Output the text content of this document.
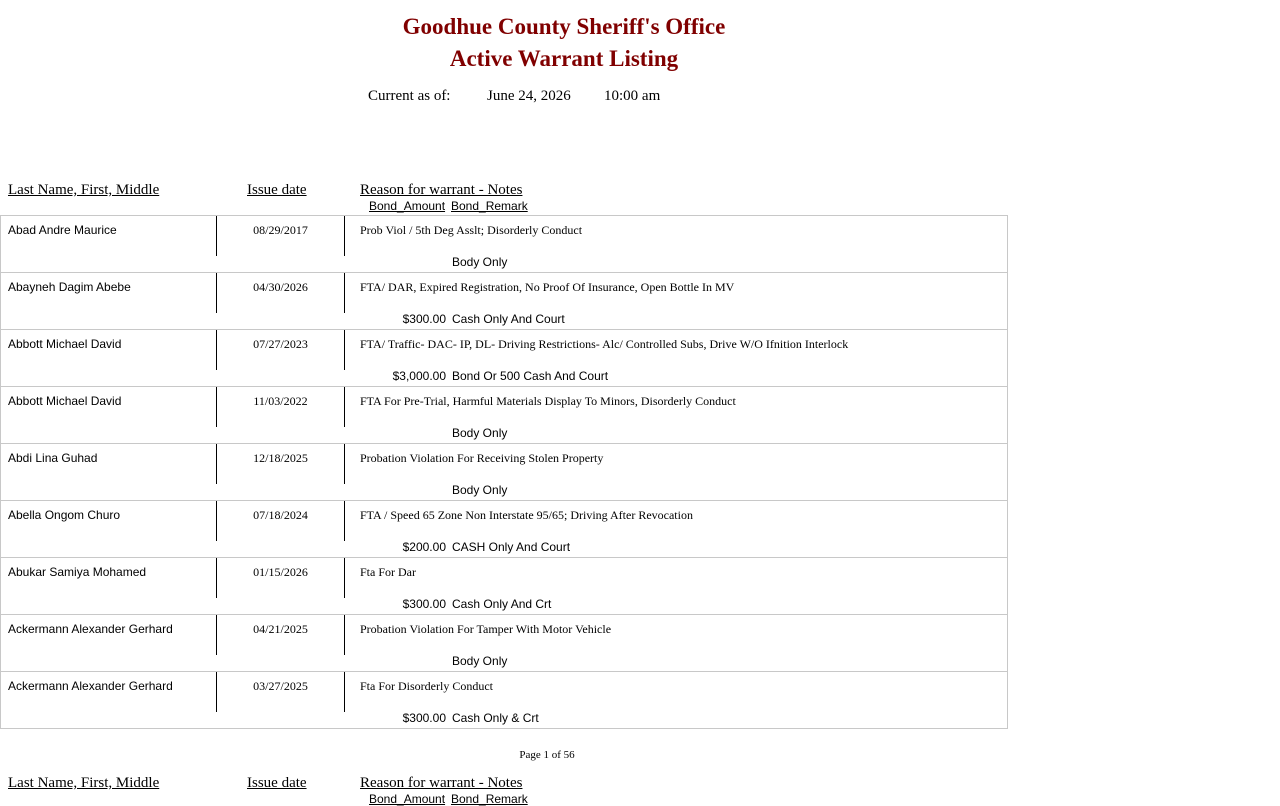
Goodhue County Sheriff's Office
Active Warrant Listing
Current as of: June 24, 2026 10:00 am
Last Name, First, Middle	Issue date	Reason for warrant - Notes
Bond_Amount Bond_Remark
Abad Andre Maurice	08/29/2017	Prob Viol / 5th Deg Asslt; Disorderly Conduct
Body Only
Abayneh Dagim Abebe	04/30/2026	FTA/ DAR, Expired Registration, No Proof Of Insurance, Open Bottle In MV
$300.00 Cash Only And Court
Abbott Michael David	07/27/2023	FTA/ Traffic- DAC- IP, DL- Driving Restrictions- Alc/ Controlled Subs, Drive W/O Ifnition Interlock
$3,000.00 Bond Or 500 Cash And Court
Abbott Michael David	11/03/2022	FTA For Pre-Trial, Harmful Materials Display To Minors, Disorderly Conduct
Body Only
Abdi Lina Guhad	12/18/2025	Probation Violation For Receiving Stolen Property
Body Only
Abella Ongom Churo	07/18/2024	FTA / Speed 65 Zone Non Interstate 95/65; Driving After Revocation
$200.00 CASH Only And Court
Abukar Samiya Mohamed	01/15/2026	Fta For Dar
$300.00 Cash Only And Crt
Ackermann Alexander Gerhard	04/21/2025	Probation Violation For Tamper With Motor Vehicle
Body Only
Ackermann Alexander Gerhard	03/27/2025	Fta For Disorderly Conduct
$300.00 Cash Only & Crt
Page 1 of 56
Last Name, First, Middle	Issue date	Reason for warrant - Notes
Bond_Amount Bond_Remark
